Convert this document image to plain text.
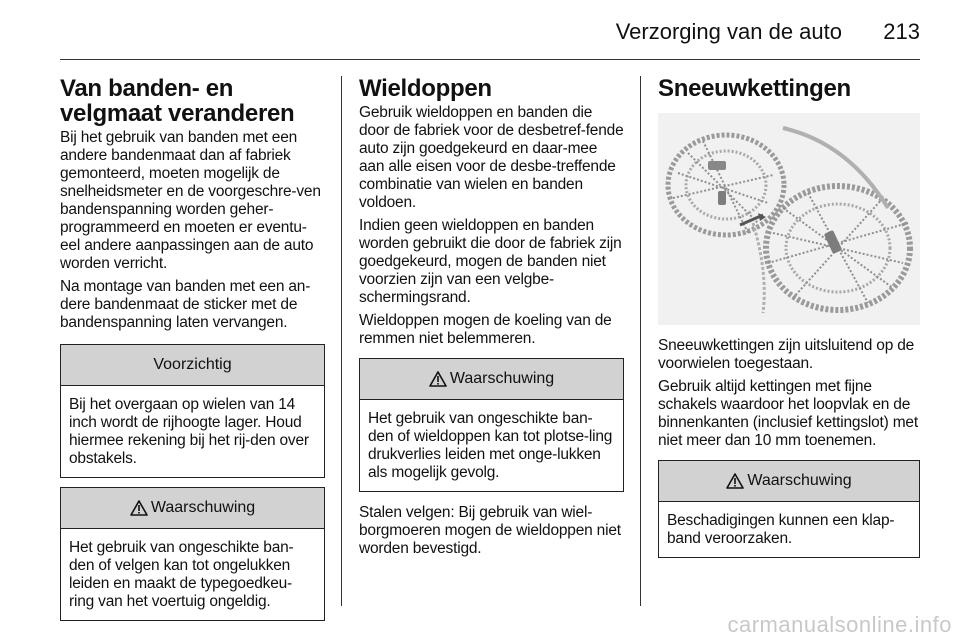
Verzorging van de auto 213
Van banden- en velgmaat veranderen

Bij het gebruik van banden met een andere bandenmaat dan af fabriek gemonteerd, moeten mogelijk de snelheidsmeter en de voorgeschre-ven bandenspanning worden geher-programmeerd en moeten er eventu-eel andere aanpassingen aan de auto worden verricht.

Na montage van banden met een an-dere bandenmaat de sticker met de bandenspanning laten vervangen.

Voorzichtig

Bij het overgaan op wielen van 14 inch wordt de rijhoogte lager. Houd hiermee rekening bij het rij-den over obstakels.

Waarschuwing

Het gebruik van ongeschikte ban-den of velgen kan tot ongelukken leiden en maakt de typegoedkeu-ring van het voertuig ongeldig.

Wieldoppen

Gebruik wieldoppen en banden die door de fabriek voor de desbetref-fende auto zijn goedgekeurd en daar-mee aan alle eisen voor de desbe-treffende combinatie van wielen en banden voldoen.

Indien geen wieldoppen en banden worden gebruikt die door de fabriek zijn goedgekeurd, mogen de banden niet voorzien zijn van een velgbe-schermingsrand.

Wieldoppen mogen de koeling van de remmen niet belemmeren.

Waarschuwing

Het gebruik van ongeschikte ban-den of wieldoppen kan tot plotse-ling drukverlies leiden met onge-lukken als mogelijk gevolg.

Stalen velgen: Bij gebruik van wiel-borgmoeren mogen de wieldoppen niet worden bevestigd.

Sneeuwkettingen

Sneeuwkettingen zijn uitsluitend op de voorwielen toegestaan.

Gebruik altijd kettingen met fijne schakels waardoor het loopvlak en de binnenkanten (inclusief kettingslot) met niet meer dan 10 mm toenemen.

Waarschuwing

Beschadigingen kunnen een klap-band veroorzaken.

carmanualsonline.info
